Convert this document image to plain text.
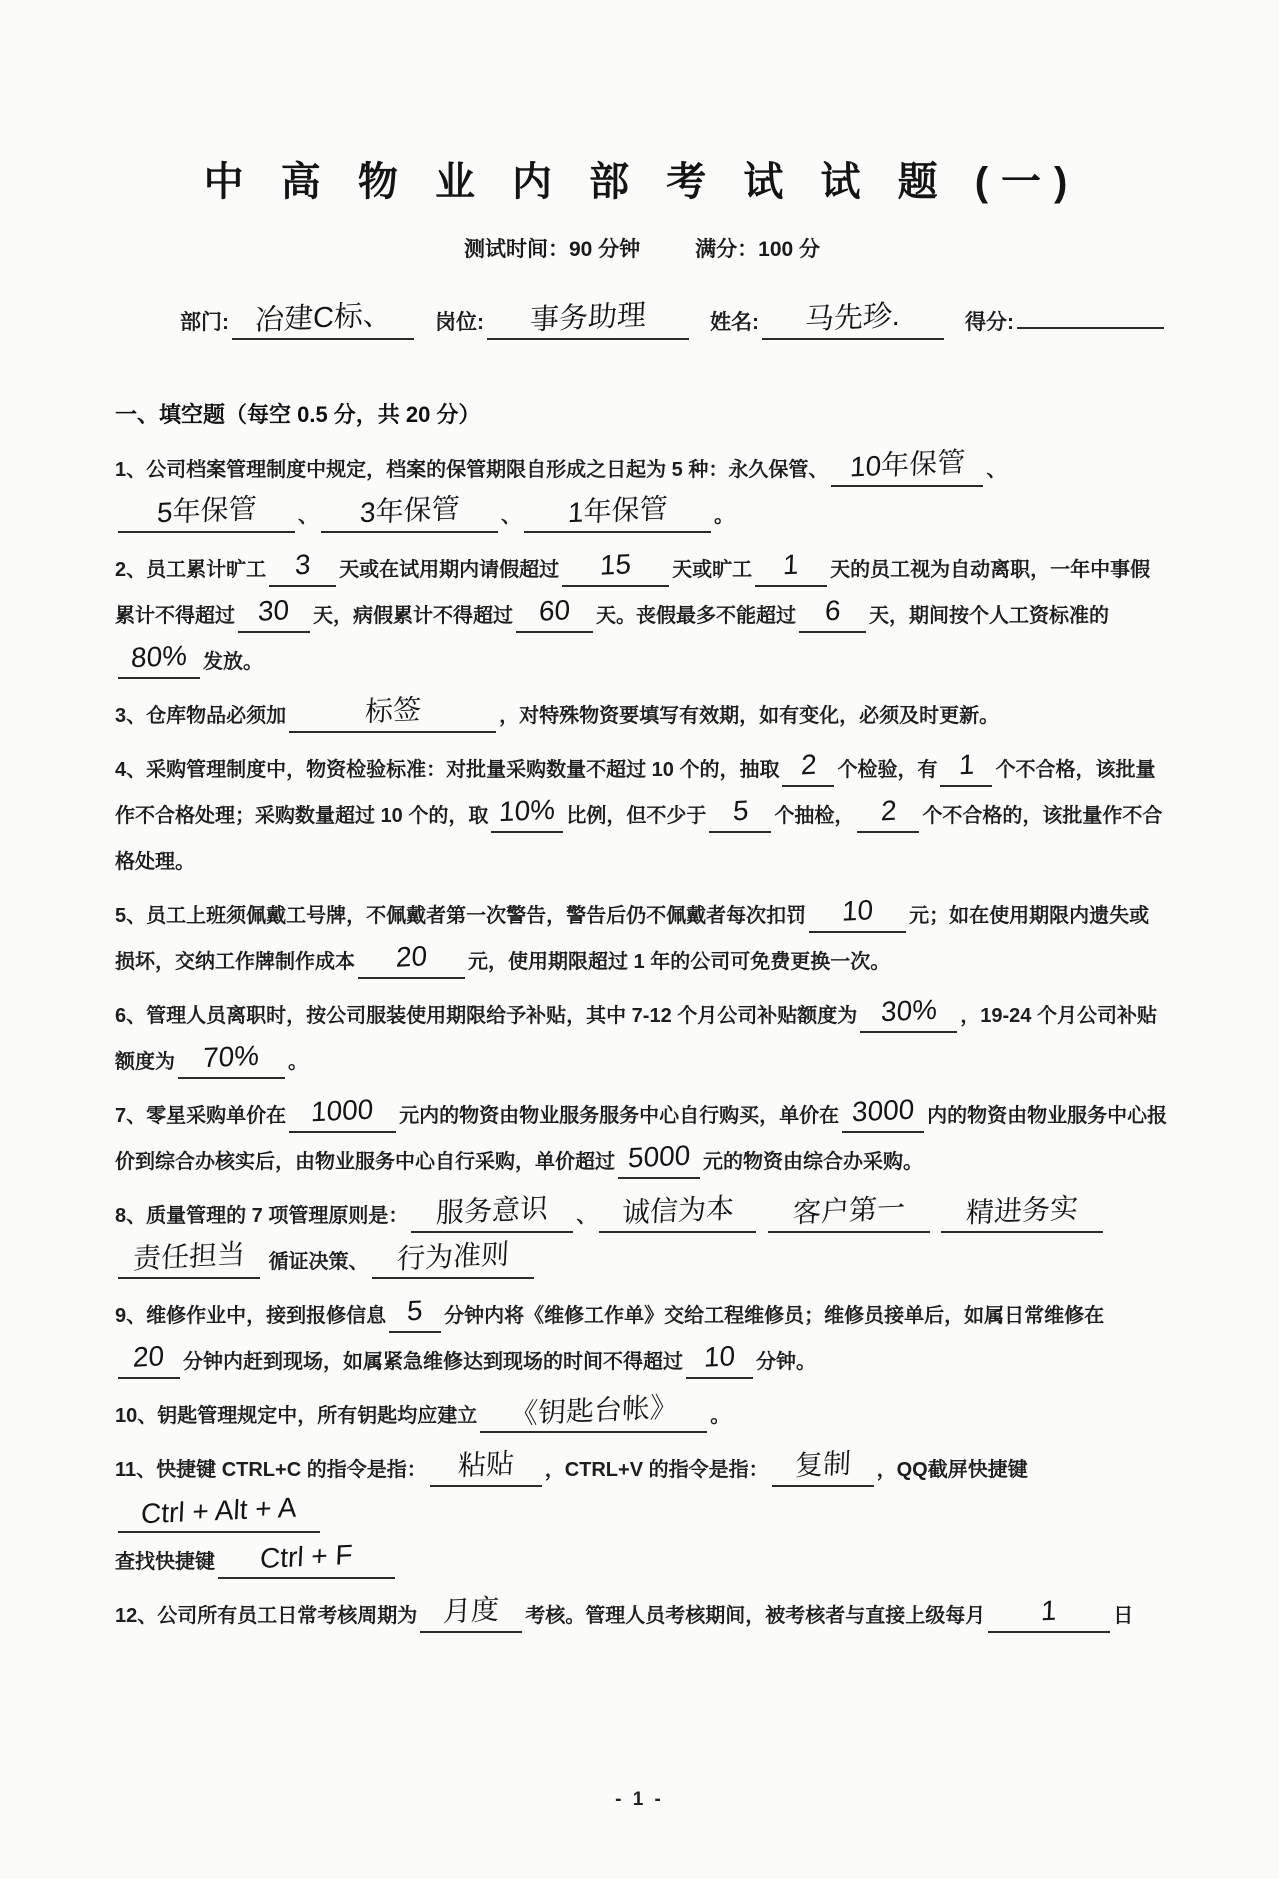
中 高 物 业 内 部 考 试 试 题 (一)
测试时间：90 分钟	满分：100 分
部门: 冶建C标、 岗位: 事务助理	姓名: 马先珍.	得分:
一、填空题（每空 0.5 分，共 20 分）

1、公司档案管理制度中规定，档案的保管期限自形成之日起为 5 种：永久保管、 10年保管 、5年保管 、 3年保管 、 1年保管 。

2、员工累计旷工 3 天或在试用期内请假超过 15 天或旷工 1 天的员工视为自动离职，一年中事假累计不得超过 30 天，病假累计不得超过 60 天。丧假最多不能超过 6 天，期间按个人工资标准的80% 发放。

3、仓库物品必须加	标签	，对特殊物资要填写有效期，如有变化，必须及时更新。

4、采购管理制度中，物资检验标准：对批量采购数量不超过 10 个的，抽取 2 个检验，有 1 个不合格，该批量作不合格处理；采购数量超过 10 个的，取 10% 比例，但不少于 5 个抽检， 2 个不合格的，该批量作不合格处理。

5、员工上班须佩戴工号牌，不佩戴者第一次警告，警告后仍不佩戴者每次扣罚 10 元；如在使用期限内遗失或损坏，交纳工作牌制作成本 20 元，使用期限超过 1 年的公司可免费更换一次。

6、管理人员离职时，按公司服装使用期限给予补贴，其中 7-12 个月公司补贴额度为 30% ，19-24 个月公司补贴额度为 70% 。

7、零星采购单价在 1000 元内的物资由物业服务服务中心自行购买，单价在 3000 内的物资由物业服务中心报价到综合办核实后，由物业服务中心自行采购，单价超过 5000 元的物资由综合办采购。

8、质量管理的 7 项管理原则是： 服务意识 、 诚信为本 客户第一 精进务实 责任担当 循证决策、 行为准则

9、维修作业中，接到报修信息 5 分钟内将《维修工作单》交给工程维修员；维修员接单后，如属日常维修在20 分钟内赶到现场，如属紧急维修达到现场的时间不得超过 10 分钟。

10、钥匙管理规定中，所有钥匙均应建立 《钥匙台帐》 。

11、快捷键 CTRL+C 的指令是指： 粘贴 ，CTRL+V 的指令是指： 复制 ，QQ截屏快捷键Ctrl + Alt + A
查找快捷键 Ctrl + F

12、公司所有员工日常考核周期为 月度 考核。管理人员考核期间，被考核者与直接上级每月 1	日

- 1 -
